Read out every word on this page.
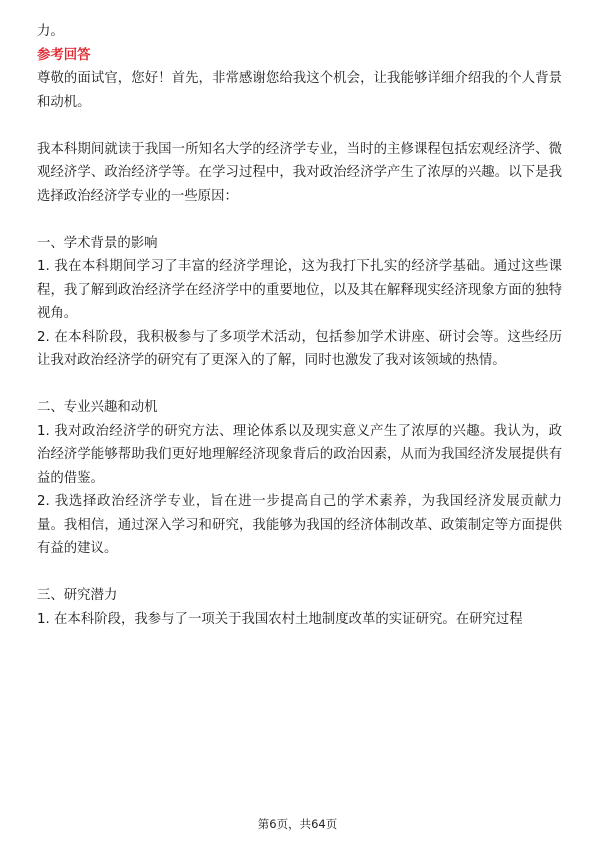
力。

参考回答

尊敬的面试官，您好！首先，非常感谢您给我这个机会，让我能够详细介绍我的个人背景和动机。

我本科期间就读于我国一所知名大学的经济学专业，当时的主修课程包括宏观经济学、微观经济学、政治经济学等。在学习过程中，我对政治经济学产生了浓厚的兴趣。以下是我选择政治经济学专业的一些原因：

一、学术背景的影响

1. 我在本科期间学习了丰富的经济学理论，这为我打下扎实的经济学基础。通过这些课程，我了解到政治经济学在经济学中的重要地位，以及其在解释现实经济现象方面的独特视角。

2. 在本科阶段，我积极参与了多项学术活动，包括参加学术讲座、研讨会等。这些经历让我对政治经济学的研究有了更深入的了解，同时也激发了我对该领域的热情。

二、专业兴趣和动机

1. 我对政治经济学的研究方法、理论体系以及现实意义产生了浓厚的兴趣。我认为，政治经济学能够帮助我们更好地理解经济现象背后的政治因素，从而为我国经济发展提供有益的借鉴。

2. 我选择政治经济学专业，旨在进一步提高自己的学术素养，为我国经济发展贡献力量。我相信，通过深入学习和研究，我能够为我国的经济体制改革、政策制定等方面提供有益的建议。

三、研究潜力

1. 在本科阶段，我参与了一项关于我国农村土地制度改革的实证研究。在研究过程

第6页，共64页
